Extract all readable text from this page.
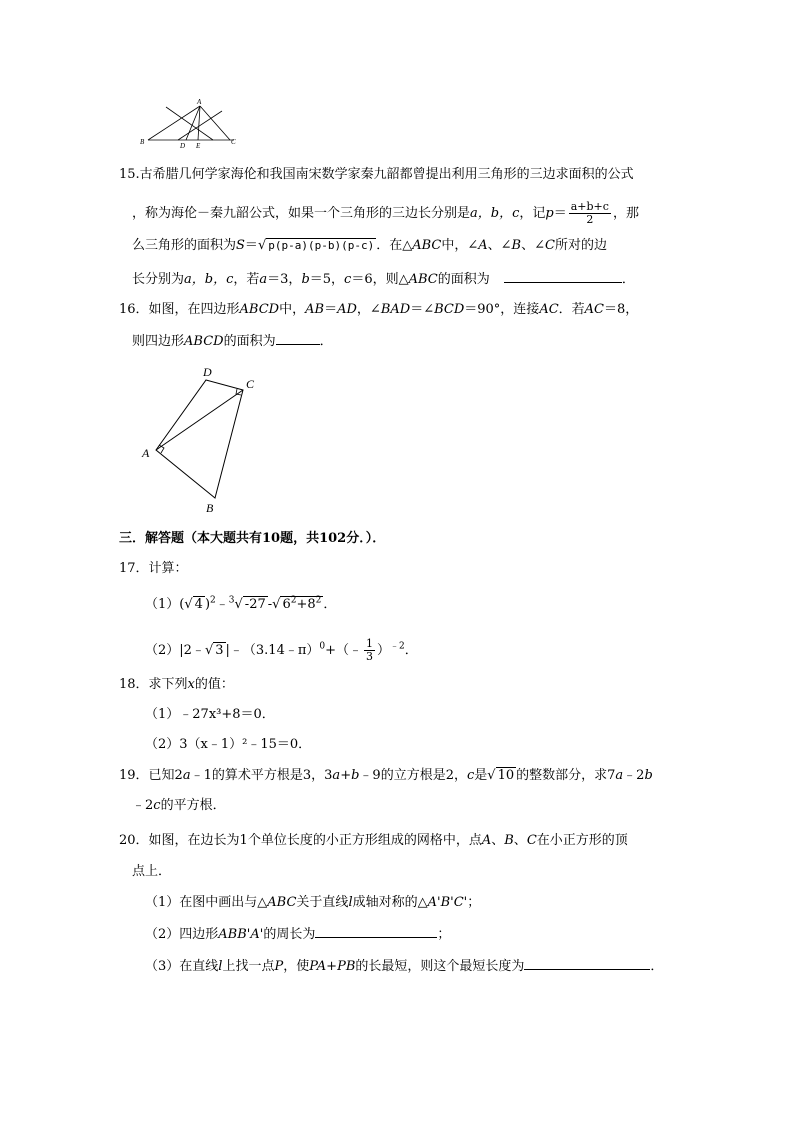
A
B	C
D E
15.古希腊几何学家海伦和我国南宋数学家秦九韶都曾提出利用三角形的三边求面积的公式
，称为海伦－秦九韶公式，如果一个三角形的三边长分别是a，b，c，记$p= \frac{a+b+c}{2}$ ，那
么三角形的面积为S＝√ p(p-a)(p-b)(p-c) ．在△ABC中，∠A、∠B、∠C所对的边
长分别为a，b，c，若a＝3，b＝5，c＝6，则△ABC的面积为	．
16．如图，在四边形ABCD中，AB＝AD，∠BAD＝∠BCD＝90°，连接AC．若AC＝8，
则四边形ABCD的面积为	．
D
C
A
B
三．解答题（本大题共有10题，共102分．）．
17．计算：
（1）(√ 4 )$^2$﹣$^3$√ -27 -√ $6^2+8^2$ ．
（2）|2﹣√ 3 |﹣（3.14﹣π）$^0$+（﹣ $\frac{1}{3} )^{﹣2}$．
18．求下列x的值：
（1）﹣27x³+8＝0．
（2）3（x﹣1）²﹣15＝0．
19．已知2a﹣1的算术平方根是3，3a+b﹣9的立方根是2，c是√ 10 的整数部分，求7a﹣2b
﹣2c的平方根．
20．如图，在边长为1个单位长度的小正方形组成的网格中，点A、B、C在小正方形的顶
点上．
（1）在图中画出与△ABC关于直线l成轴对称的△A'B'C'；
（2）四边形ABB'A'的周长为	；
（3）在直线l上找一点P，使PA+PB的长最短，则这个最短长度为	．
